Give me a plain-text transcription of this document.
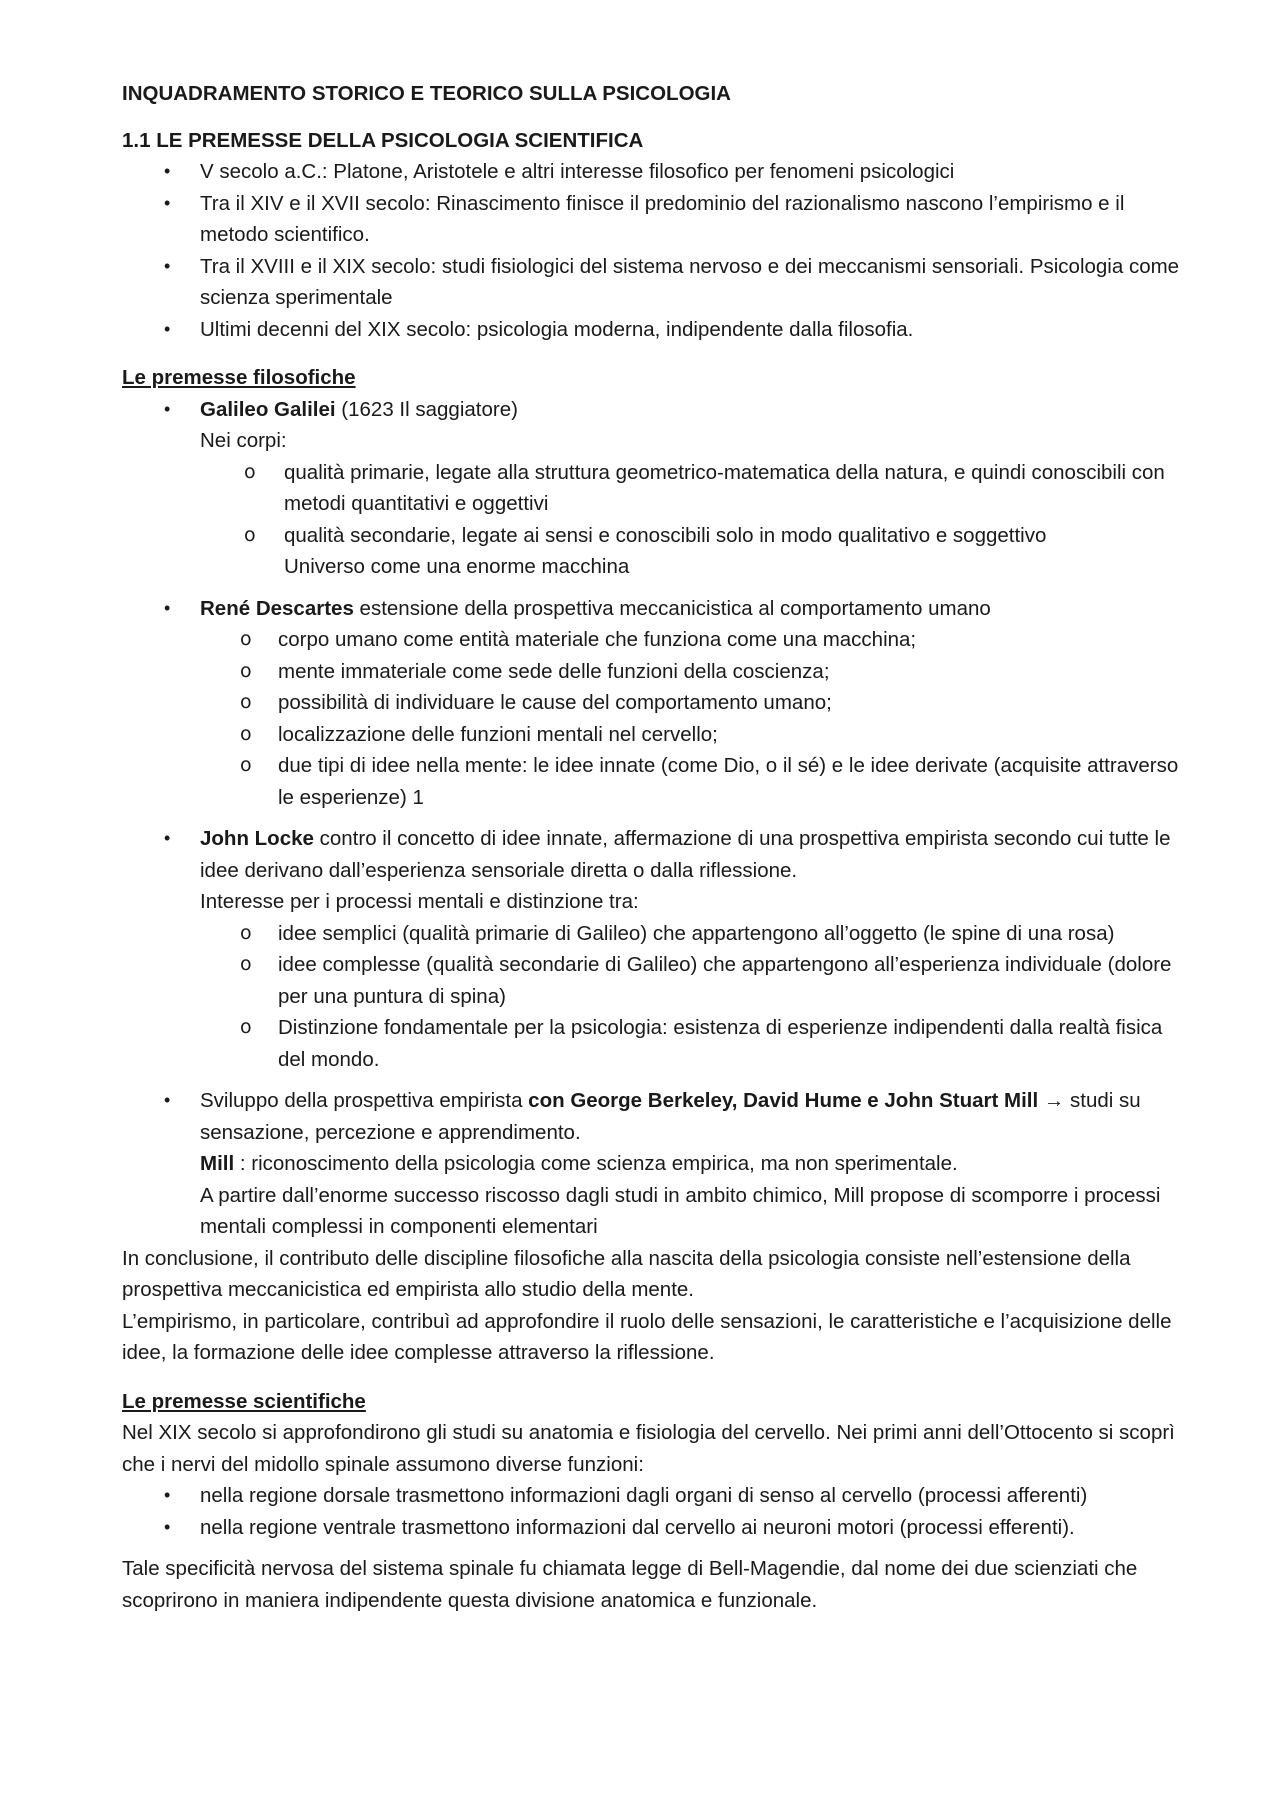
INQUADRAMENTO STORICO E TEORICO SULLA PSICOLOGIA

1.1 LE PREMESSE DELLA PSICOLOGIA SCIENTIFICA

• V secolo a.C.: Platone, Aristotele e altri interesse filosofico per fenomeni psicologici
• Tra il XIV e il XVII secolo: Rinascimento finisce il predominio del razionalismo nascono l’empirismo e il metodo scientifico.
• Tra il XVIII e il XIX secolo: studi fisiologici del sistema nervoso e dei meccanismi sensoriali. Psicologia come scienza sperimentale
• Ultimi decenni del XIX secolo: psicologia moderna, indipendente dalla filosofia.

Le premesse filosofiche

• Galileo Galilei (1623 Il saggiatore)

Nei corpi:

o qualità primarie, legate alla struttura geometrico-matematica della natura, e quindi conoscibili con metodi quantitativi e oggettivi
o qualità secondarie, legate ai sensi e conoscibili solo in modo qualitativo e soggettivo
Universo come una enorme macchina
• René Descartes estensione della prospettiva meccanicistica al comportamento umano
o corpo umano come entità materiale che funziona come una macchina;
o mente immateriale come sede delle funzioni della coscienza;
o possibilità di individuare le cause del comportamento umano;
o localizzazione delle funzioni mentali nel cervello;
o due tipi di idee nella mente: le idee innate (come Dio, o il sé) e le idee derivate (acquisite attraverso le esperienze) 1
• John Locke contro il concetto di idee innate, affermazione di una prospettiva empirista secondo cui tutte le idee derivano dall’esperienza sensoriale diretta o dalla riflessione.

Interesse per i processi mentali e distinzione tra:

o idee semplici (qualità primarie di Galileo) che appartengono all’oggetto (le spine di una rosa)
o idee complesse (qualità secondarie di Galileo) che appartengono all’esperienza individuale (dolore per una puntura di spina)
o Distinzione fondamentale per la psicologia: esistenza di esperienze indipendenti dalla realtà fisica del mondo.
• Sviluppo della prospettiva empirista con George Berkeley, David Hume e John Stuart Mill → studi su sensazione, percezione e apprendimento.

Mill : riconoscimento della psicologia come scienza empirica, ma non sperimentale.

A partire dall’enorme successo riscosso dagli studi in ambito chimico, Mill propose di scomporre i processi mentali complessi in componenti elementari

In conclusione, il contributo delle discipline filosofiche alla nascita della psicologia consiste nell’estensione della prospettiva meccanicistica ed empirista allo studio della mente.

L’empirismo, in particolare, contribuì ad approfondire il ruolo delle sensazioni, le caratteristiche e l’acquisizione delle idee, la formazione delle idee complesse attraverso la riflessione.

Le premesse scientifiche

Nel XIX secolo si approfondirono gli studi su anatomia e fisiologia del cervello. Nei primi anni dell’Ottocento si scoprì che i nervi del midollo spinale assumono diverse funzioni:

• nella regione dorsale trasmettono informazioni dagli organi di senso al cervello (processi afferenti)
• nella regione ventrale trasmettono informazioni dal cervello ai neuroni motori (processi efferenti).

Tale specificità nervosa del sistema spinale fu chiamata legge di Bell-Magendie, dal nome dei due scienziati che scoprirono in maniera indipendente questa divisione anatomica e funzionale.
